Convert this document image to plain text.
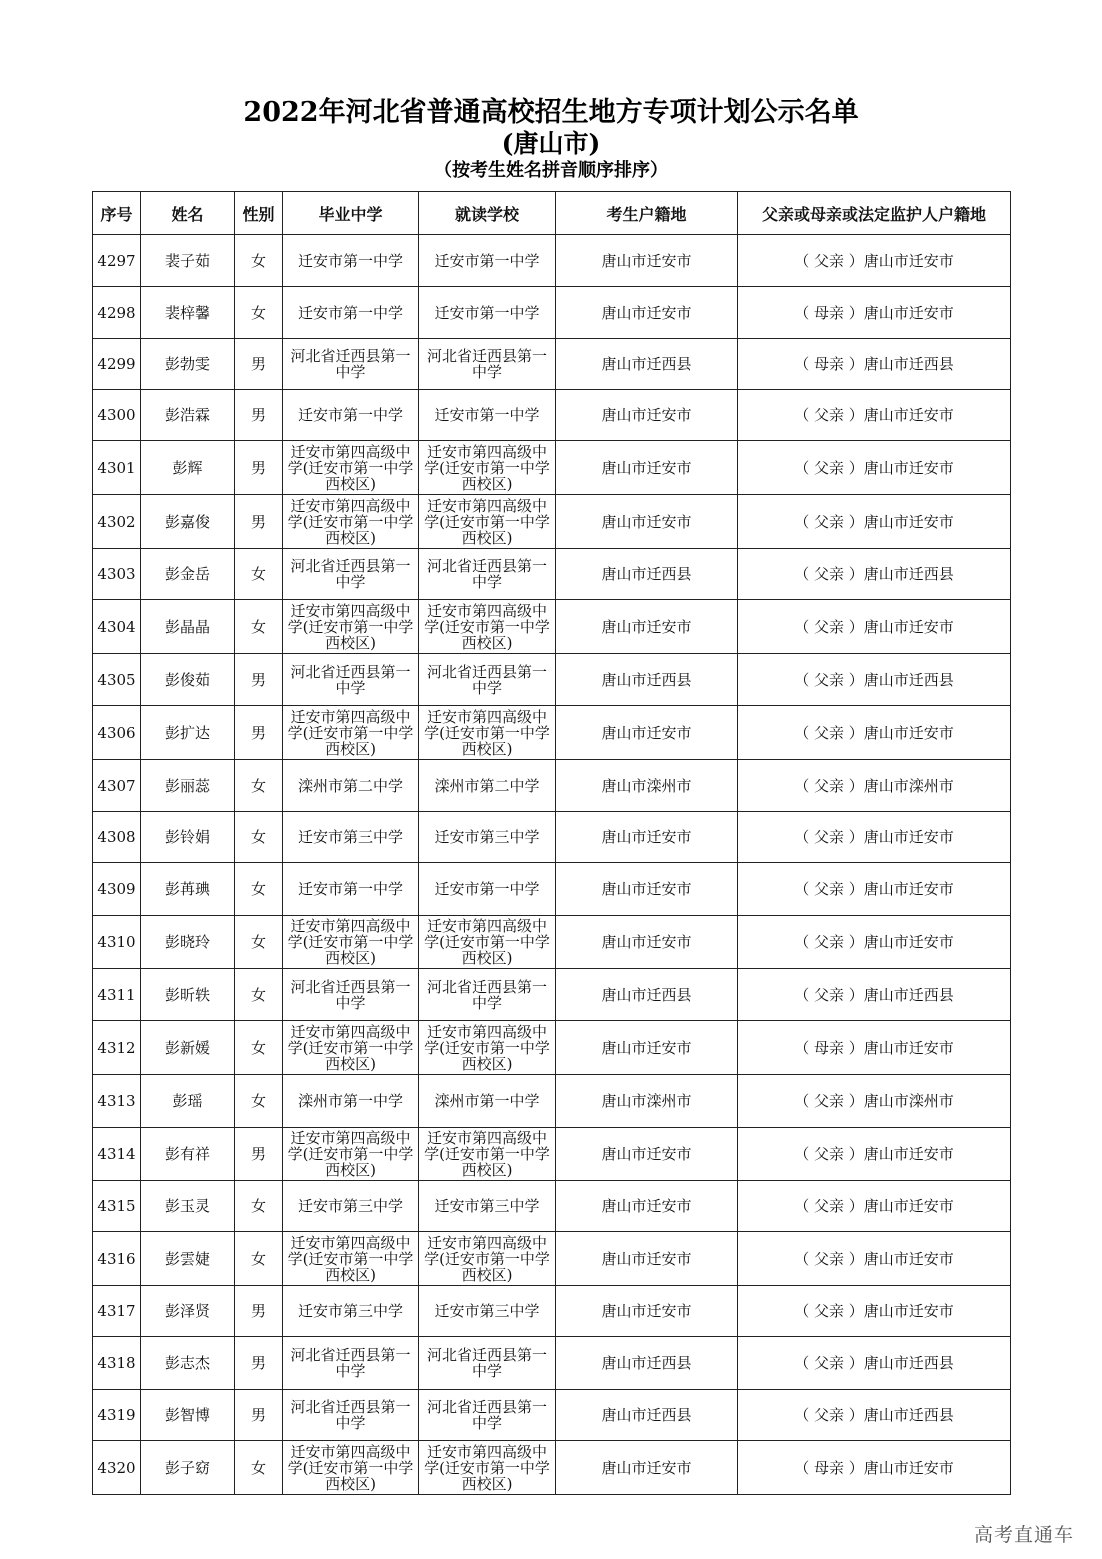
2022年河北省普通高校招生地方专项计划公示名单
(唐山市)
（按考生姓名拼音顺序排序）
序号	姓名	性别	毕业中学	就读学校	考生户籍地	父亲或母亲或法定监护人户籍地
4297	裴子茹	女	迁安市第一中学	迁安市第一中学	唐山市迁安市	（ 父亲 ）唐山市迁安市
4298	裴梓馨	女	迁安市第一中学	迁安市第一中学	唐山市迁安市	（ 母亲 ）唐山市迁安市
4299	彭勃雯	男	河北省迁西县第一中学	河北省迁西县第一中学	唐山市迁西县	（ 母亲 ）唐山市迁西县
4300	彭浩霖	男	迁安市第一中学	迁安市第一中学	唐山市迁安市	（ 父亲 ）唐山市迁安市
4301	彭辉	男	迁安市第四高级中学(迁安市第一中学西校区)	迁安市第四高级中学(迁安市第一中学西校区)	唐山市迁安市	（ 父亲 ）唐山市迁安市
4302	彭嘉俊	男	迁安市第四高级中学(迁安市第一中学西校区)	迁安市第四高级中学(迁安市第一中学西校区)	唐山市迁安市	（ 父亲 ）唐山市迁安市
4303	彭金岳	女	河北省迁西县第一中学	河北省迁西县第一中学	唐山市迁西县	（ 父亲 ）唐山市迁西县
4304	彭晶晶	女	迁安市第四高级中学(迁安市第一中学西校区)	迁安市第四高级中学(迁安市第一中学西校区)	唐山市迁安市	（ 父亲 ）唐山市迁安市
4305	彭俊茹	男	河北省迁西县第一中学	河北省迁西县第一中学	唐山市迁西县	（ 父亲 ）唐山市迁西县
4306	彭扩达	男	迁安市第四高级中学(迁安市第一中学西校区)	迁安市第四高级中学(迁安市第一中学西校区)	唐山市迁安市	（ 父亲 ）唐山市迁安市
4307	彭丽蕊	女	滦州市第二中学	滦州市第二中学	唐山市滦州市	（ 父亲 ）唐山市滦州市
4308	彭铃娟	女	迁安市第三中学	迁安市第三中学	唐山市迁安市	（ 父亲 ）唐山市迁安市
4309	彭苒琠	女	迁安市第一中学	迁安市第一中学	唐山市迁安市	（ 父亲 ）唐山市迁安市
4310	彭晓玲	女	迁安市第四高级中学(迁安市第一中学西校区)	迁安市第四高级中学(迁安市第一中学西校区)	唐山市迁安市	（ 父亲 ）唐山市迁安市
4311	彭昕轶	女	河北省迁西县第一中学	河北省迁西县第一中学	唐山市迁西县	（ 父亲 ）唐山市迁西县
4312	彭新媛	女	迁安市第四高级中学(迁安市第一中学西校区)	迁安市第四高级中学(迁安市第一中学西校区)	唐山市迁安市	（ 母亲 ）唐山市迁安市
4313	彭瑶	女	滦州市第一中学	滦州市第一中学	唐山市滦州市	（ 父亲 ）唐山市滦州市
4314	彭有祥	男	迁安市第四高级中学(迁安市第一中学西校区)	迁安市第四高级中学(迁安市第一中学西校区)	唐山市迁安市	（ 父亲 ）唐山市迁安市
4315	彭玉灵	女	迁安市第三中学	迁安市第三中学	唐山市迁安市	（ 父亲 ）唐山市迁安市
4316	彭雲婕	女	迁安市第四高级中学(迁安市第一中学西校区)	迁安市第四高级中学(迁安市第一中学西校区)	唐山市迁安市	（ 父亲 ）唐山市迁安市
4317	彭泽贤	男	迁安市第三中学	迁安市第三中学	唐山市迁安市	（ 父亲 ）唐山市迁安市
4318	彭志杰	男	河北省迁西县第一中学	河北省迁西县第一中学	唐山市迁西县	（ 父亲 ）唐山市迁西县
4319	彭智博	男	河北省迁西县第一中学	河北省迁西县第一中学	唐山市迁西县	（ 父亲 ）唐山市迁西县
4320	彭子窈	女	迁安市第四高级中学(迁安市第一中学西校区)	迁安市第四高级中学(迁安市第一中学西校区)	唐山市迁安市	（ 母亲 ）唐山市迁安市
高考直通车
